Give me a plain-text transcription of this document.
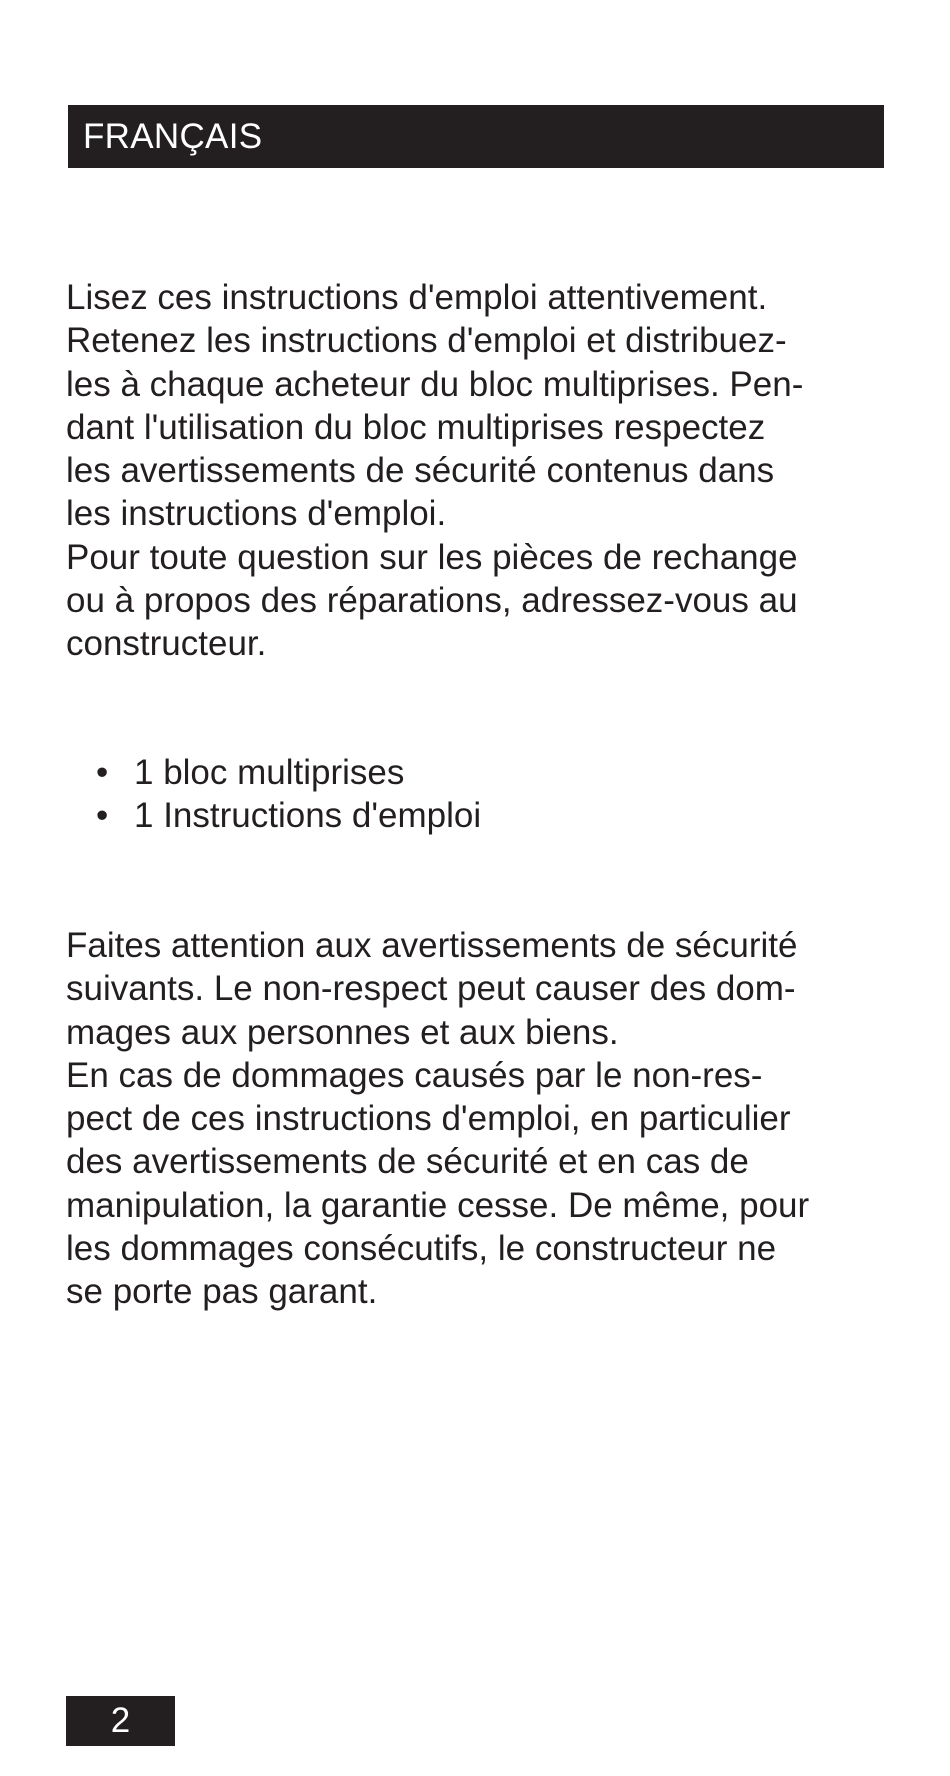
FRANÇAIS

Lisez ces instructions d'emploi attentivement.
Retenez les instructions d'emploi et distribuez-
les à chaque acheteur du bloc multiprises. Pen-
dant l'utilisation du bloc multiprises respectez
les avertissements de sécurité contenus dans
les instructions d'emploi.
Pour toute question sur les pièces de rechange
ou à propos des réparations, adressez-vous au
constructeur.

• 1 bloc multiprises
• 1 Instructions d'emploi

Faites attention aux avertissements de sécurité
suivants. Le non-respect peut causer des dom-
mages aux personnes et aux biens.
En cas de dommages causés par le non-res-
pect de ces instructions d'emploi, en particulier
des avertissements de sécurité et en cas de
manipulation, la garantie cesse. De même, pour
les dommages consécutifs, le constructeur ne
se porte pas garant.

2
